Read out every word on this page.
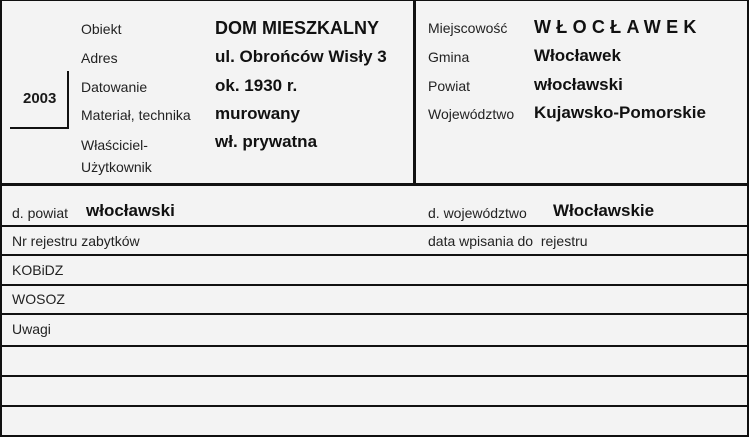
2003
Obiekt
Adres
Datowanie
Materiał, technika
Właściciel-
Użytkownik
DOM MIESZKALNY
ul. Obrońców Wisły 3
ok. 1930 r.
murowany
wł. prywatna
Miejscowość
Gmina
Powiat
Województwo
WŁOCŁAWEK
Włocławek
włocławski
Kujawsko-Pomorskie
d. powiat włocławski	d. województwo Włocławskie
Nr rejestru zabytków	data wpisania do  rejestru
KOBiDZ
WOSOZ
Uwagi
